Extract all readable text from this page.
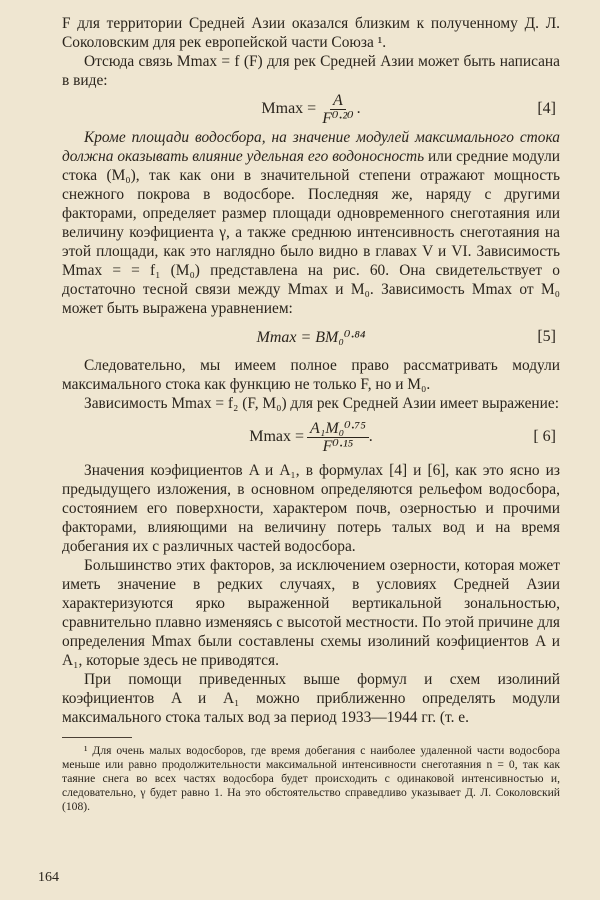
F для территории Средней Азии оказался близким к полученному Д. Л. Соколовским для рек европейской части Союза ¹.

Отсюда связь Mmax = f (F) для рек Средней Азии может быть написана в виде:

$Mmax = \frac{A}{\text{F⁰·²⁰}}$ .	[4]

Кроме площади водосбора, на значение модулей максимального стока должна оказывать влияние удельная его водоносность или средние модули стока (M₀), так как они в значительной степени отражают мощность снежного покрова в водосборе. Последняя же, наряду с другими факторами, определяет размер площади одновременного снеготаяния или величину коэфициента γ, а также среднюю интенсивность снеготаяния на этой площади, как это наглядно было видно в главах V и VI. Зависимость Mmax = = f₁ (M₀) представлена на рис. 60. Она свидетельствует о достаточно тесной связи между Mmax и M₀. Зависимость Mmax от M₀ может быть выражена уравнением:

Mmax = BM₀⁰·⁸⁴	[5]

Следовательно, мы имеем полное право рассматривать модули максимального стока как функцию не только F, но и M₀.

Зависимость Mmax = f₂ (F, M₀) для рек Средней Азии имеет выражение:

$Mmax = \frac{\text{A₁M₀⁰·⁷⁵}}{\text{F⁰·¹⁵}}$ .	[ 6]

Значения коэфициентов A и A₁, в формулах [4] и [6], как это ясно из предыдущего изложения, в основном определяются рельефом водосбора, состоянием его поверхности, характером почв, озерностью и прочими факторами, влияющими на величину потерь талых вод и на время добегания их с различных частей водосбора.

Большинство этих факторов, за исключением озерности, которая может иметь значение в редких случаях, в условиях Средней Азии характеризуются ярко выраженной вертикальной зональностью, сравнительно плавно изменяясь с высотой местности. По этой причине для определения Mmax были составлены схемы изолиний коэфициентов A и A₁, которые здесь не приводятся.

При помощи приведенных выше формул и схем изолиний коэфициентов A и A₁ можно приближенно определять модули максимального стока талых вод за период 1933—1944 гг. (т. е.

¹ Для очень малых водосборов, где время добегания с наиболее удаленной части водосбора меньше или равно продолжительности максимальной интенсивности снеготаяния n = 0, так как таяние снега во всех частях водосбора будет происходить с одинаковой интенсивностью и, следовательно, γ будет равно 1. На это обстоятельство справедливо указывает Д. Л. Соколовский (108).

164
